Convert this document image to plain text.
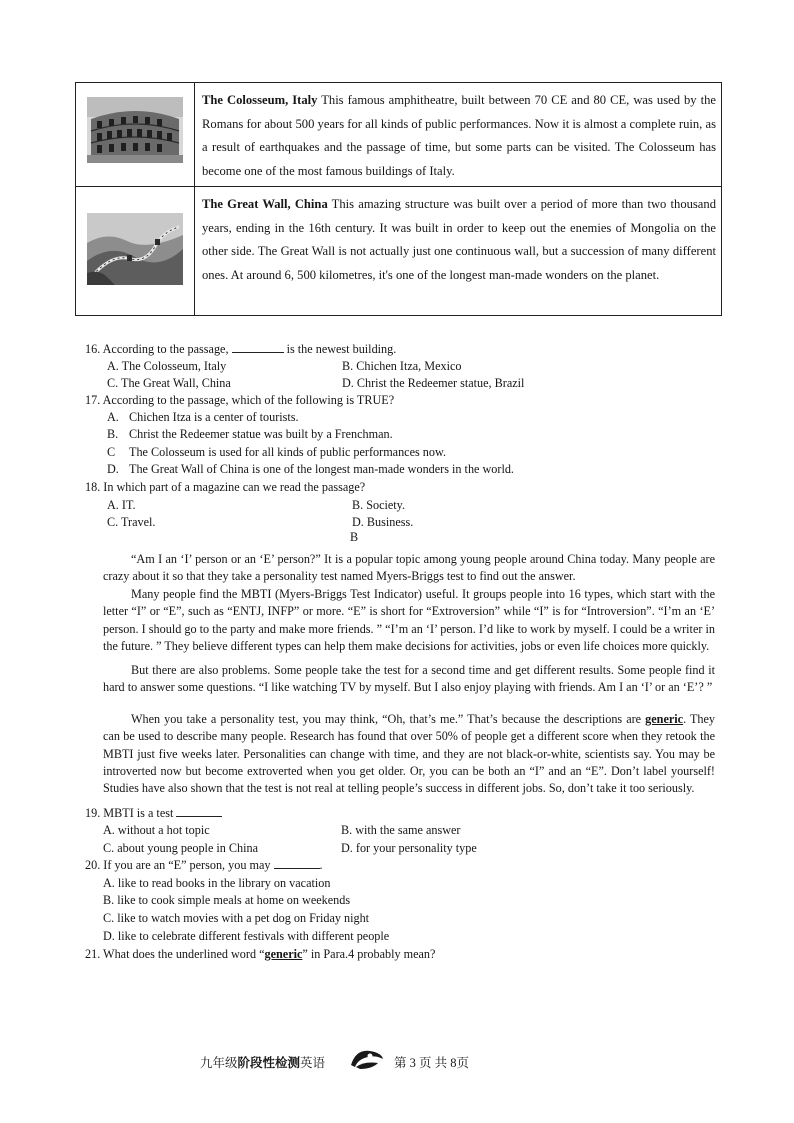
The Colosseum, Italy This famous amphitheatre, built between 70 CE and 80 CE, was used by the Romans for about 500 years for all kinds of public performances. Now it is almost a complete ruin, as a result of earthquakes and the passage of time, but some parts can be visited. The Colosseum has become one of the most famous buildings of Italy.
The Great Wall, China This amazing structure was built over a period of more than two thousand years, ending in the 16th century. It was built in order to keep out the enemies of Mongolia on the other side. The Great Wall is not actually just one continuous wall, but a succession of many different ones. At around 6, 500 kilometres, it's one of the longest man-made wonders on the planet.
16. According to the passage,	is the newest building.
A. The Colosseum, Italy	B. Chichen Itza, Mexico
C. The Great Wall, China	D. Christ the Redeemer statue, Brazil
17. According to the passage, which of the following is TRUE?
A. Chichen Itza is a center of tourists.
B. Christ the Redeemer statue was built by a Frenchman.
C The Colosseum is used for all kinds of public performances now.
D. The Great Wall of China is one of the longest man-made wonders in the world.
18. In which part of a magazine can we read the passage?
A. IT.	B. Society.
C. Travel.	D. Business.
B
“Am I an ‘I’ person or an ‘E’ person?” It is a popular topic among young people around China today. Many people are crazy about it so that they take a personality test named Myers-Briggs test to find out the answer.
Many people find the MBTI (Myers-Briggs Test Indicator) useful. It groups people into 16 types, which start with the letter “I” or “E”, such as “ENTJ, INFP” or more. “E” is short for “Extroversion” while “I” is for “Introversion”. “I’m an ‘E’ person. I should go to the party and make more friends. ” “I’m an ‘I’ person. I’d like to work by myself. I could be a writer in the future. ” They believe different types can help them make decisions for activities, jobs or even life choices more quickly.
But there are also problems. Some people take the test for a second time and get different results. Some people find it hard to answer some questions. “I like watching TV by myself. But I also enjoy playing with friends. Am I an ‘I’ or an ‘E’? ”
When you take a personality test, you may think, “Oh, that’s me.” That’s because the descriptions are generic. They can be used to describe many people. Research has found that over 50% of people get a different score when they retook the MBTI just five weeks later. Personalities can change with time, and they are not black-or-white, scientists say. You may be introverted now but become extroverted when you get older. Or, you can be both an “I” and an “E”. Don’t label yourself! Studies have also shown that the test is not real at telling people’s success in different jobs. So, don’t take it too seriously.
19. MBTI is a test
A. without a hot topic	B. with the same answer
C. about young people in China	D. for your personality type
20. If you are an “E” person, you may	.
A. like to read books in the library on vacation
B. like to cook simple meals at home on weekends
C. like to watch movies with a pet dog on Friday night
D. like to celebrate different festivals with different people
21. What does the underlined word “generic” in Para.4 probably mean?
九年级阶段性检测英语	第 3 页 共 8页
